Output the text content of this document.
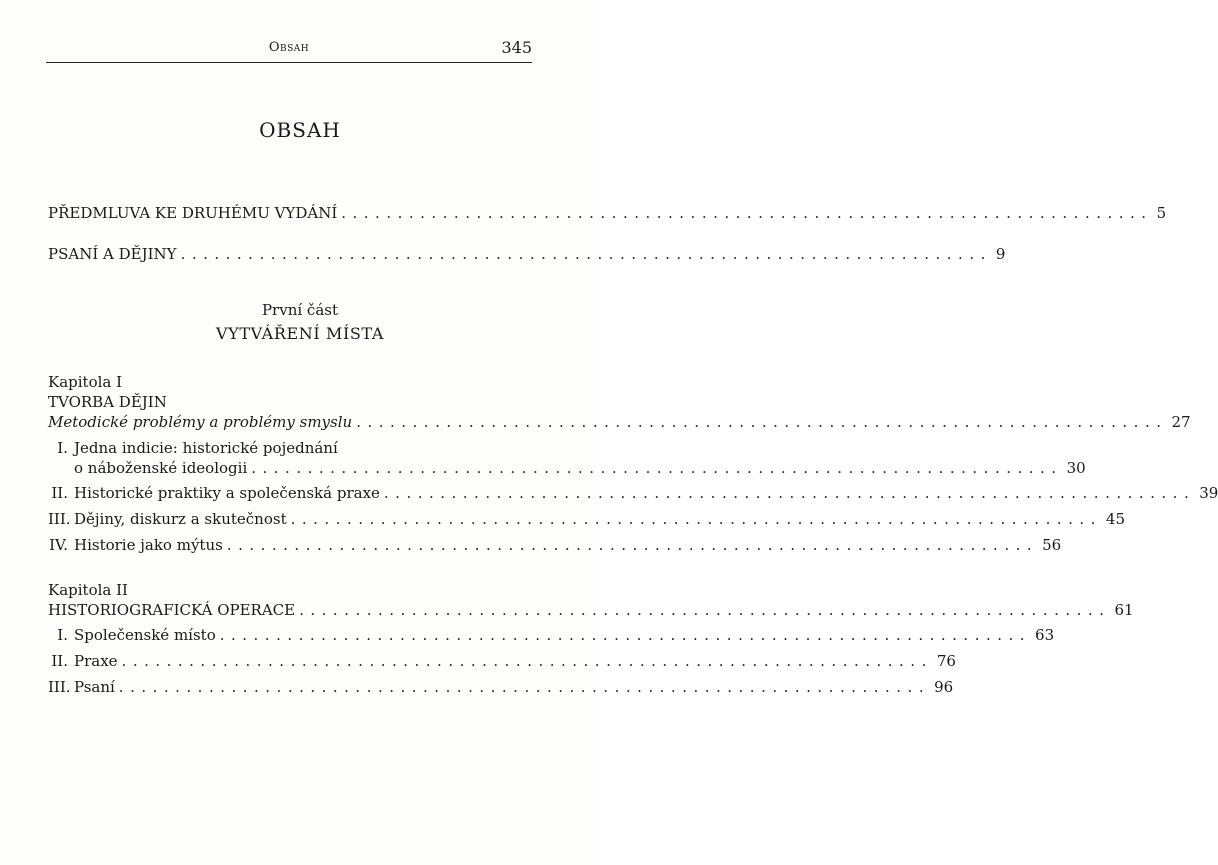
Obsah	345
OBSAH
PŘEDMLUVA KE DRUHÉMU VYDÁNÍ ........................................................................ 5
PSANÍ A DĚJINY ........................................................................ 9
První část
VYTVÁŘENÍ MÍSTA
Kapitola I
TVORBA DĚJIN
Metodické problémy a problémy smyslu ........................................................................ 27
I. Jedna indicie: historické pojednání
o náboženské ideologii ........................................................................ 30
II. Historické praktiky a společenská praxe ........................................................................ 39
III. Dějiny, diskurz a skutečnost ........................................................................ 45
IV. Historie jako mýtus ........................................................................ 56
Kapitola II
HISTORIOGRAFICKÁ OPERACE ........................................................................ 61
I. Společenské místo ........................................................................ 63
II. Praxe ........................................................................ 76
III. Psaní ........................................................................ 96
